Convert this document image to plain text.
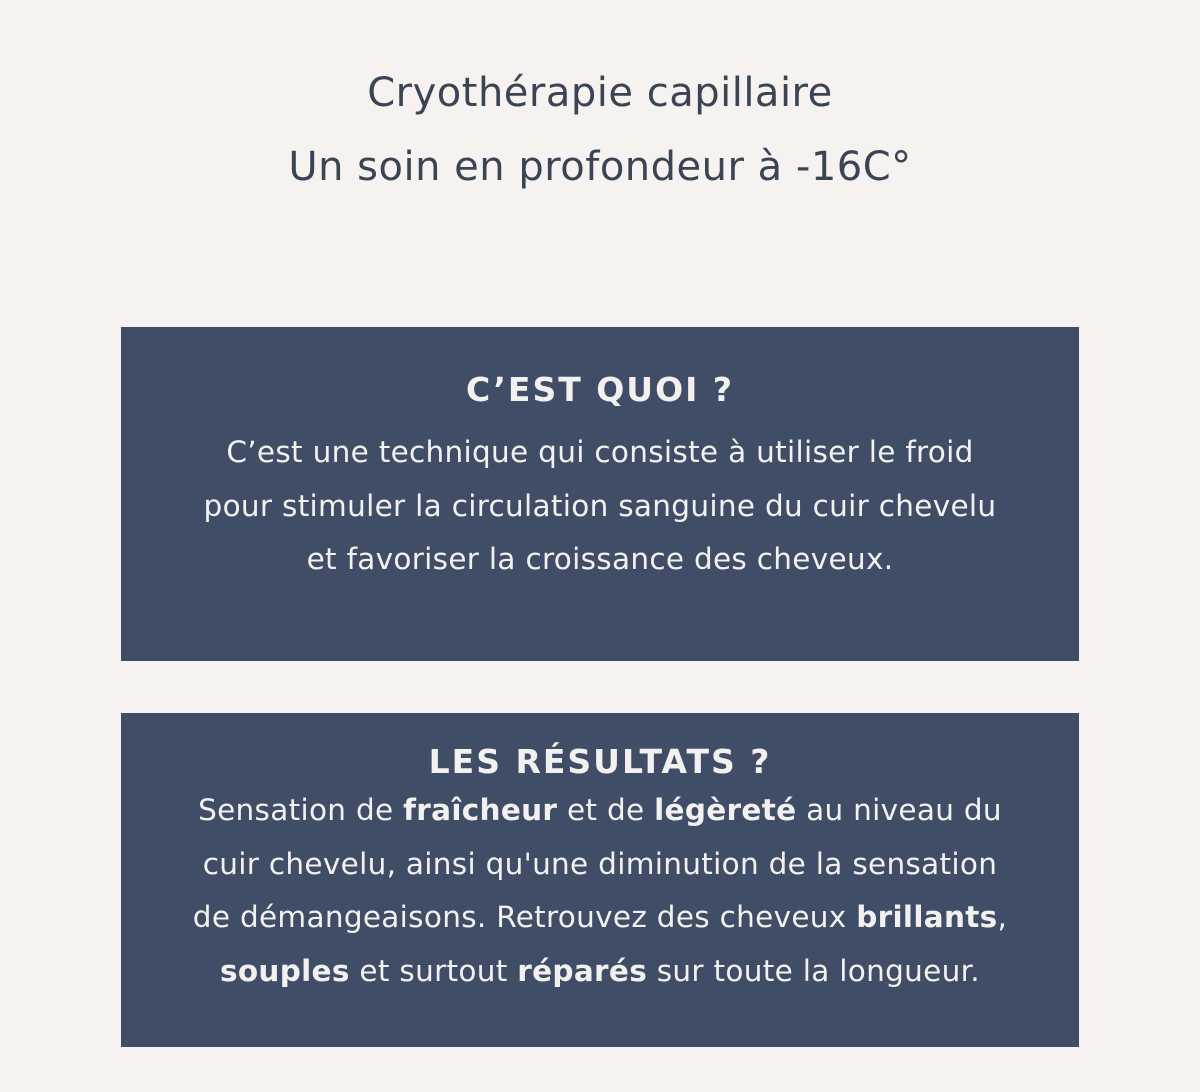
Cryothérapie capillaire
Un soin en profondeur à -16C°
C’EST QUOI ?
C’est une technique qui consiste à utiliser le froid
pour stimuler la circulation sanguine du cuir chevelu
et favoriser la croissance des cheveux.
LES RÉSULTATS ?
Sensation de fraîcheur et de légèreté au niveau du
cuir chevelu, ainsi qu'une diminution de la sensation
de démangeaisons. Retrouvez des cheveux brillants,
souples et surtout réparés sur toute la longueur.
